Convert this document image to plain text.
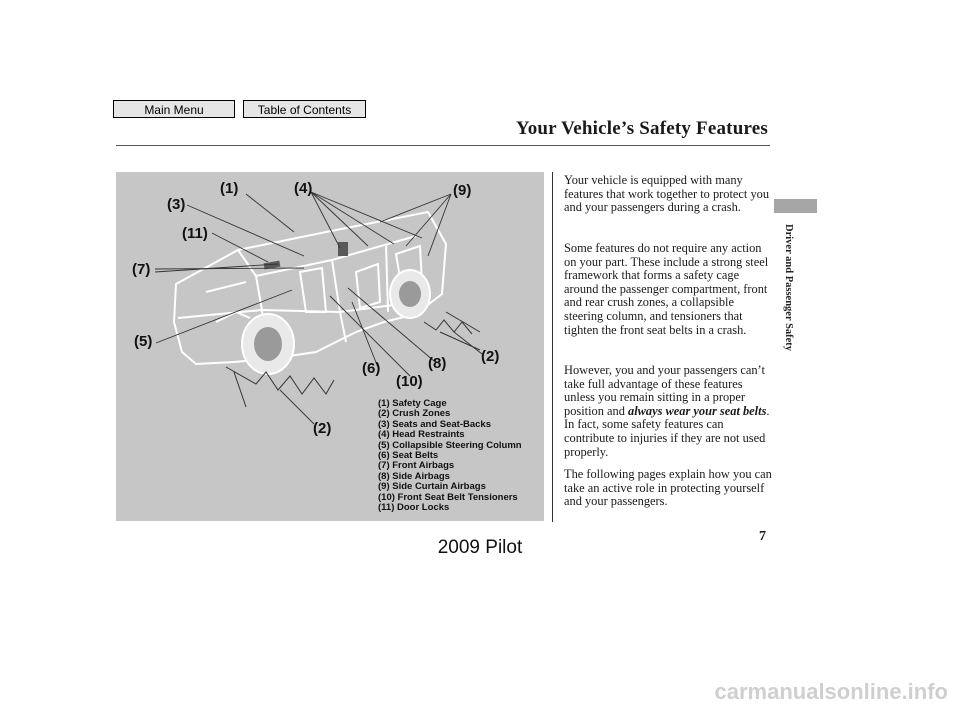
Main Menu	Table of Contents
Your Vehicle’s Safety Features
(1)	(4)	(9)
(3)
(11)
(7)
(5)
(6)	(8) (2)
(10)
(2)
(1) Safety Cage
(2) Crush Zones
(3) Seats and Seat-Backs
(4) Head Restraints
(5) Collapsible Steering Column
(6) Seat Belts
(7) Front Airbags
(8) Side Airbags
(9) Side Curtain Airbags
(10) Front Seat Belt Tensioners
(11) Door Locks

Your vehicle is equipped with many features that work together to protect you and your passengers during a crash.

Some features do not require any action on your part. These include a strong steel framework that forms a safety cage around the passenger compartment, front and rear crush zones, a collapsible steering column, and tensioners that tighten the front seat belts in a crash.

However, you and your passengers can’t take full advantage of these features unless you remain sitting in a proper position and always wear your seat belts. In fact, some safety features can contribute to injuries if they are not used properly.

The following pages explain how you can take an active role in protecting yourself and your passengers.

Driver and Passenger Safety
7
2009 Pilot
carmanualsonline.info
